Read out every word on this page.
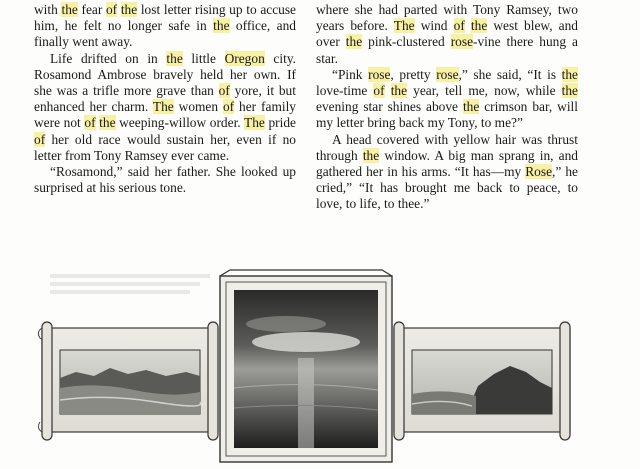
with the fear of the lost letter rising up to accuse him, he felt no longer safe in the office, and finally went away.

Life drifted on in the little Oregon city. Rosamond Ambrose bravely held her own. If she was a trifle more grave than of yore, it but enhanced her charm. The women of her family were not of the weeping-willow order. The pride of her old race would sustain her, even if no letter from Tony Ramsey ever came.

“Rosamond,” said her father. She looked up surprised at his serious tone.

where she had parted with Tony Ramsey, two years before. The wind of the west blew, and over the pink-clustered rose-vine there hung a star.

“Pink rose, pretty rose,” she said, “It is the love-time of the year, tell me, now, while the evening star shines above the crimson bar, will my letter bring back my Tony, to me?”

A head covered with yellow hair was thrust through the window. A big man sprang in, and gathered her in his arms. “It has—my Rose,” he cried,” “It has brought me back to peace, to love, to life, to thee.”
